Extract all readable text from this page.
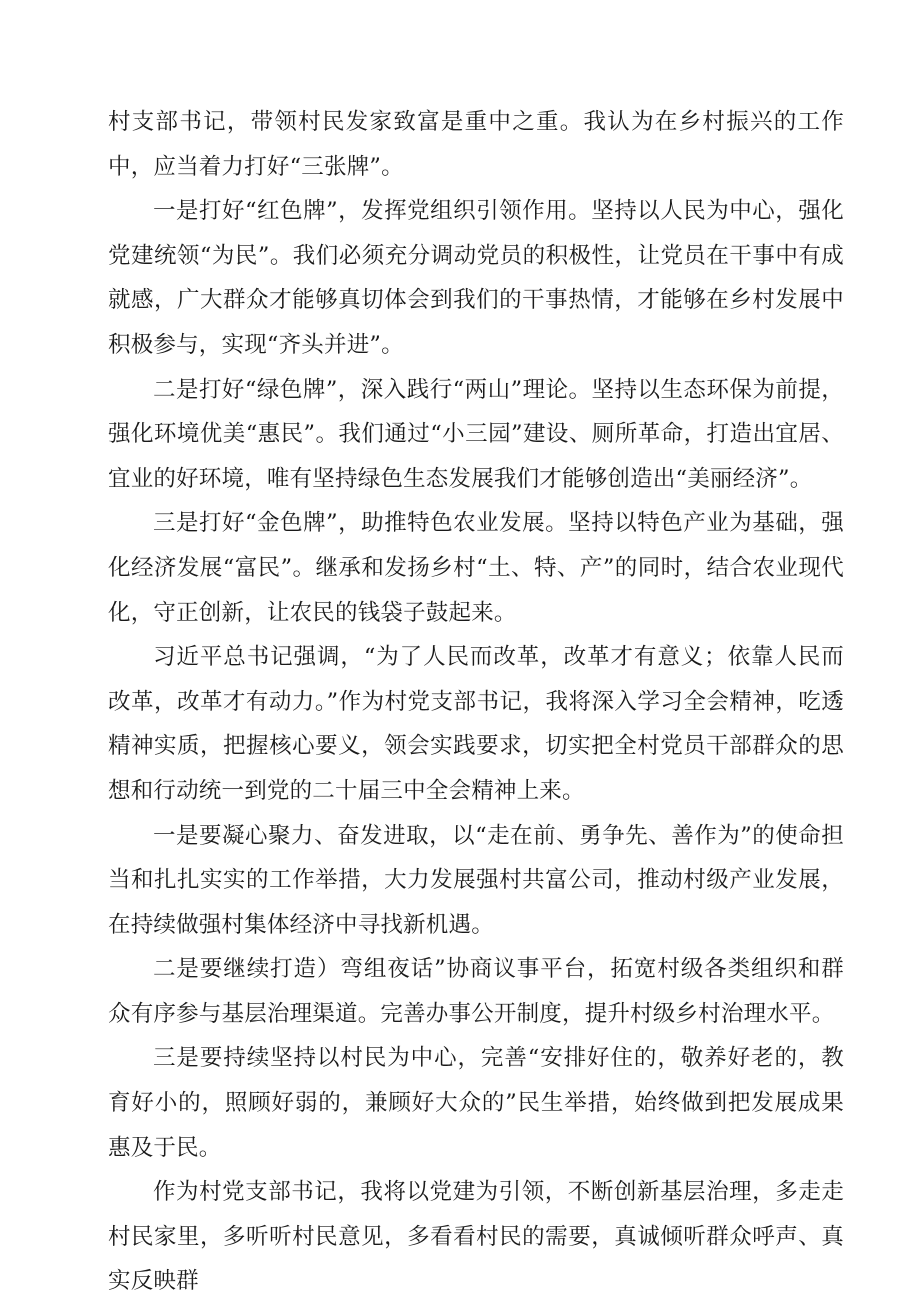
村支部书记，带领村民发家致富是重中之重。我认为在乡村振兴的工作中，应当着力打好“三张牌”。

一是打好“红色牌”，发挥党组织引领作用。坚持以人民为中心，强化党建统领“为民”。我们必须充分调动党员的积极性，让党员在干事中有成就感，广大群众才能够真切体会到我们的干事热情，才能够在乡村发展中积极参与，实现“齐头并进”。

二是打好“绿色牌”，深入践行“两山”理论。坚持以生态环保为前提，强化环境优美“惠民”。我们通过“小三园”建设、厕所革命，打造出宜居、宜业的好环境，唯有坚持绿色生态发展我们才能够创造出“美丽经济”。

三是打好“金色牌”，助推特色农业发展。坚持以特色产业为基础，强化经济发展“富民”。继承和发扬乡村“土、特、产”的同时，结合农业现代化，守正创新，让农民的钱袋子鼓起来。

习近平总书记强调，“为了人民而改革，改革才有意义；依靠人民而改革，改革才有动力。”作为村党支部书记，我将深入学习全会精神，吃透精神实质，把握核心要义，领会实践要求，切实把全村党员干部群众的思想和行动统一到党的二十届三中全会精神上来。

一是要凝心聚力、奋发进取，以“走在前、勇争先、善作为”的使命担当和扎扎实实的工作举措，大力发展强村共富公司，推动村级产业发展，在持续做强村集体经济中寻找新机遇。

二是要继续打造）弯组夜话”协商议事平台，拓宽村级各类组织和群众有序参与基层治理渠道。完善办事公开制度，提升村级乡村治理水平。

三是要持续坚持以村民为中心，完善“安排好住的，敬养好老的，教育好小的，照顾好弱的，兼顾好大众的”民生举措，始终做到把发展成果惠及于民。

作为村党支部书记，我将以党建为引领，不断创新基层治理，多走走村民家里，多听听村民意见，多看看村民的需要，真诚倾听群众呼声、真实反映群
